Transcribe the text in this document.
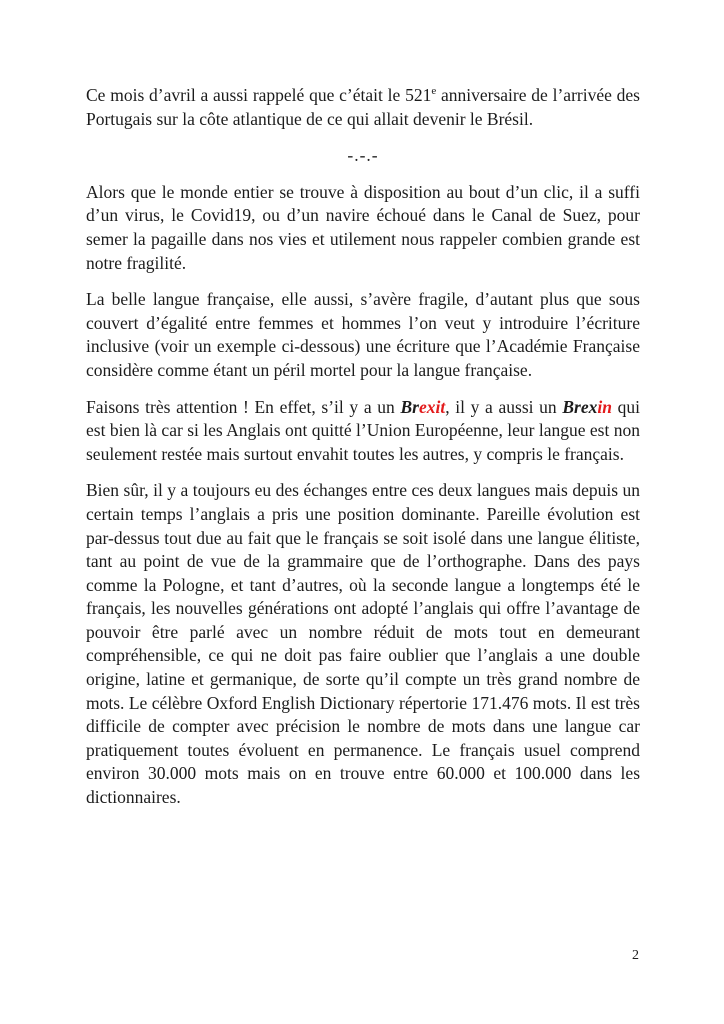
Ce mois d’avril a aussi rappelé que c’était le 521e anniversaire de l’arrivée des Portugais sur la côte atlantique de ce qui allait devenir le Brésil.

-.-.-

Alors que le monde entier se trouve à disposition au bout d’un clic, il a suffi d’un virus, le Covid19, ou d’un navire échoué dans le Canal de Suez, pour semer la pagaille dans nos vies et utilement nous rappeler combien grande est notre fragilité.

La belle langue française, elle aussi, s’avère fragile, d’autant plus que sous couvert d’égalité entre femmes et hommes l’on veut y introduire l’écriture inclusive (voir un exemple ci-dessous) une écriture que l’Académie Française considère comme étant un péril mortel pour la langue française.

Faisons très attention ! En effet, s’il y a un Brexit, il y a aussi un Brexin qui est bien là car si les Anglais ont quitté l’Union Européenne, leur langue est non seulement restée mais surtout envahit toutes les autres, y compris le français.

Bien sûr, il y a toujours eu des échanges entre ces deux langues mais depuis un certain temps l’anglais a pris une position dominante. Pareille évolution est par-dessus tout due au fait que le français se soit isolé dans une langue élitiste, tant au point de vue de la grammaire que de l’orthographe. Dans des pays comme la Pologne, et tant d’autres, où la seconde langue a longtemps été le français, les nouvelles générations ont adopté l’anglais qui offre l’avantage de pouvoir être parlé avec un nombre réduit de mots tout en demeurant compréhensible, ce qui ne doit pas faire oublier que l’anglais a une double origine, latine et germanique, de sorte qu’il compte un très grand nombre de mots. Le célèbre Oxford English Dictionary répertorie 171.476 mots. Il est très difficile de compter avec précision le nombre de mots dans une langue car pratiquement toutes évoluent en permanence. Le français usuel comprend environ 30.000 mots mais on en trouve entre 60.000 et 100.000 dans les dictionnaires.

2
